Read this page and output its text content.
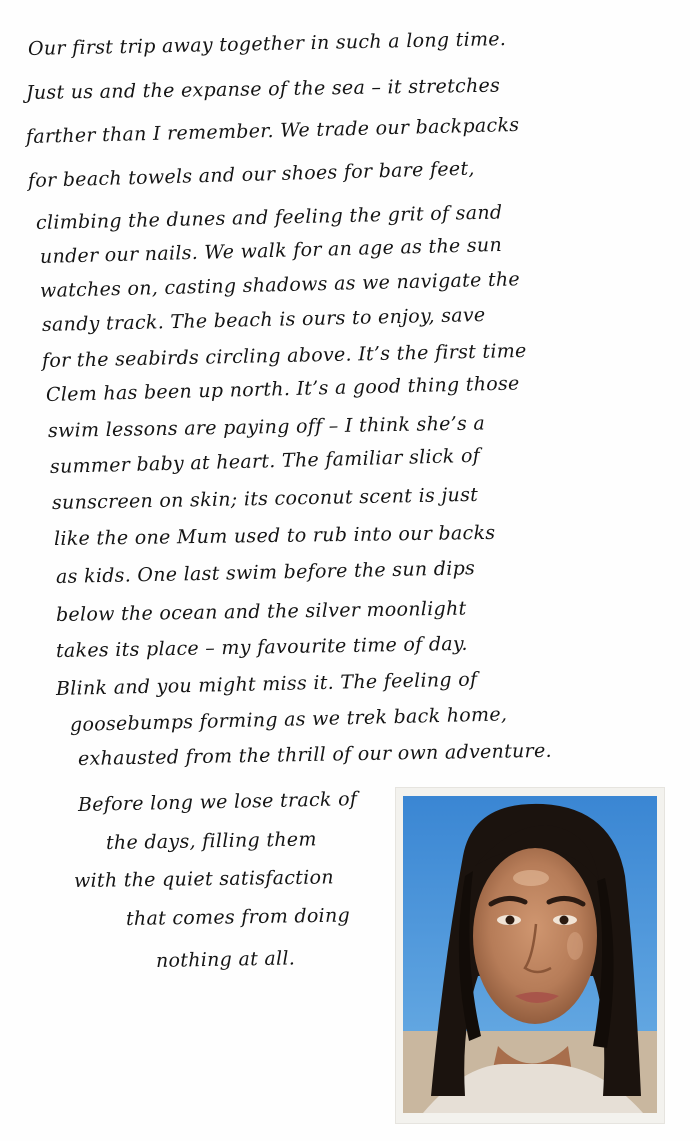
Our first trip away together in such a long time.
Just us and the expanse of the sea – it stretches
farther than I remember. We trade our backpacks
for beach towels and our shoes for bare feet,
climbing the dunes and feeling the grit of sand
under our nails. We walk for an age as the sun
watches on, casting shadows as we navigate the
sandy track. The beach is ours to enjoy, save
for the seabirds circling above. It’s the first time
Clem has been up north. It’s a good thing those
swim lessons are paying off – I think she’s a
summer baby at heart. The familiar slick of
sunscreen on skin; its coconut scent is just
like the one Mum used to rub into our backs
as kids. One last swim before the sun dips
below the ocean and the silver moonlight
takes its place – my favourite time of day.
Blink and you might miss it. The feeling of
goosebumps forming as we trek back home,
exhausted from the thrill of our own adventure.
Before long we lose track of
the days, filling them
with the quiet satisfaction
that comes from doing
nothing at all.
